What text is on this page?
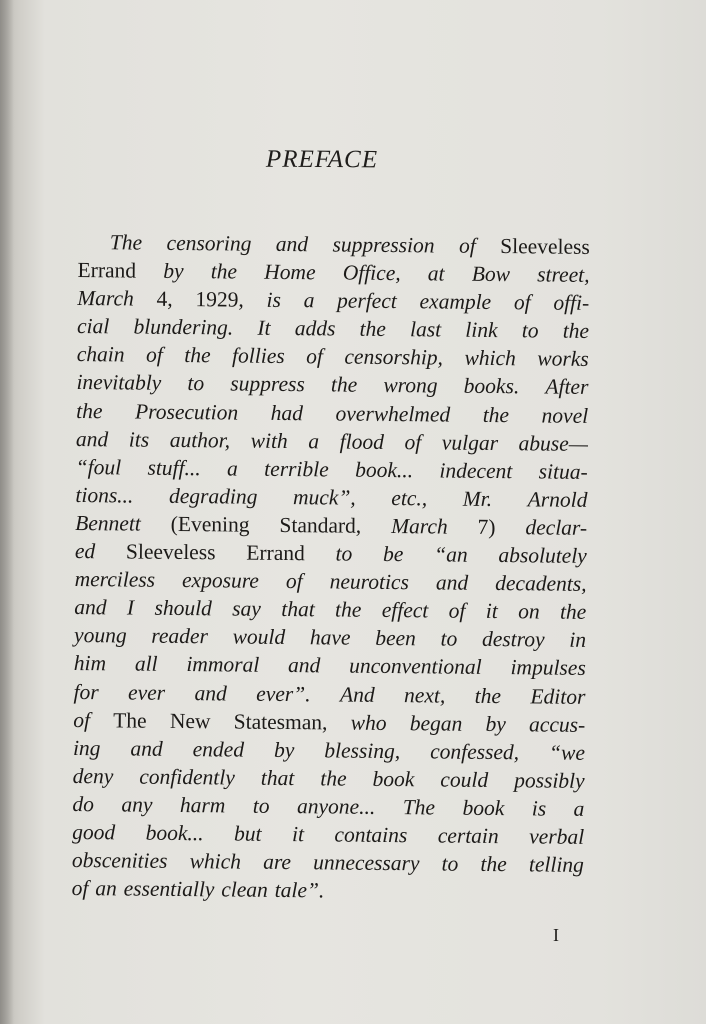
PREFACE
The censoring and suppression of Sleeveless
Errand by the Home Office, at Bow street,
March 4, 1929, is a perfect example of offi-
cial blundering. It adds the last link to the
chain of the follies of censorship, which works
inevitably to suppress the wrong books. After
the Prosecution had overwhelmed the novel
and its author, with a flood of vulgar abuse—
“foul stuff... a terrible book... indecent situa-
tions... degrading muck”, etc., Mr. Arnold
Bennett (Evening Standard, March 7) declar-
ed Sleeveless Errand to be “an absolutely
merciless exposure of neurotics and decadents,
and I should say that the effect of it on the
young reader would have been to destroy in
him all immoral and unconventional impulses
for ever and ever”. And next, the Editor
of The New Statesman, who began by accus-
ing and ended by blessing, confessed, “we
deny confidently that the book could possibly
do any harm to anyone... The book is a
good book... but it contains certain verbal
obscenities which are unnecessary to the telling
of an essentially clean tale”.
I
